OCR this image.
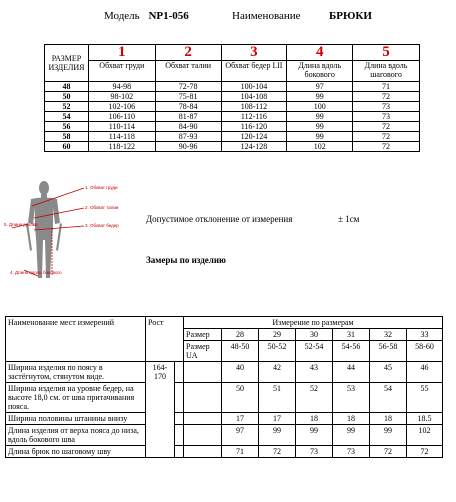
Модель NP1-056	Наименование	БРЮКИ
РАЗМЕР ИЗДЕЛИЯ	1	2	3	4	5
	Обхват груди	Обхват талии	Обхват бедер I.II	Длина вдоль бокового	Длина вдоль шагового
48	94-98	72-78	100-104	97	71
50	98-102	75-81	104-108	99	72
52	102-106	78-84	108-112	100	73
54	106-110	81-87	112-116	99	73
56	110-114	84-90	116-120	99	72
58	114-118	87-93	120-124	99	72
60	118-122	90-96	124-128	102	72
1. Обхват груди
2. Обхват талии
3. Обхват бедер
4. Длина вдоль бокового
5. Длина рукава
Допустимое отклонение от измерения	± 1см
Замеры по изделию
Наименование мест измерений	Рост		Измерение по размерам						
			Размер	28	29	30	31	32	33
			Размер UA	48-50	50-52	52-54	54-56	56-58	58-60
Ширина изделия по поясу в застёгнутом, стянутом виде.	164-170			40	42	43	44	45	46
Ширина изделия на уровне бедер, на высоте 18,0 см. от шва притачивания пояса.				50	51	52	53	54	55
Ширина половины штанины внизу				17	17	18	18	18	18.5
Длина изделия от верха пояса до низа, вдоль бокового шва				97	99	99	99	99	102
Длина брюк по шаговому шву				71	72	73	73	72	72
